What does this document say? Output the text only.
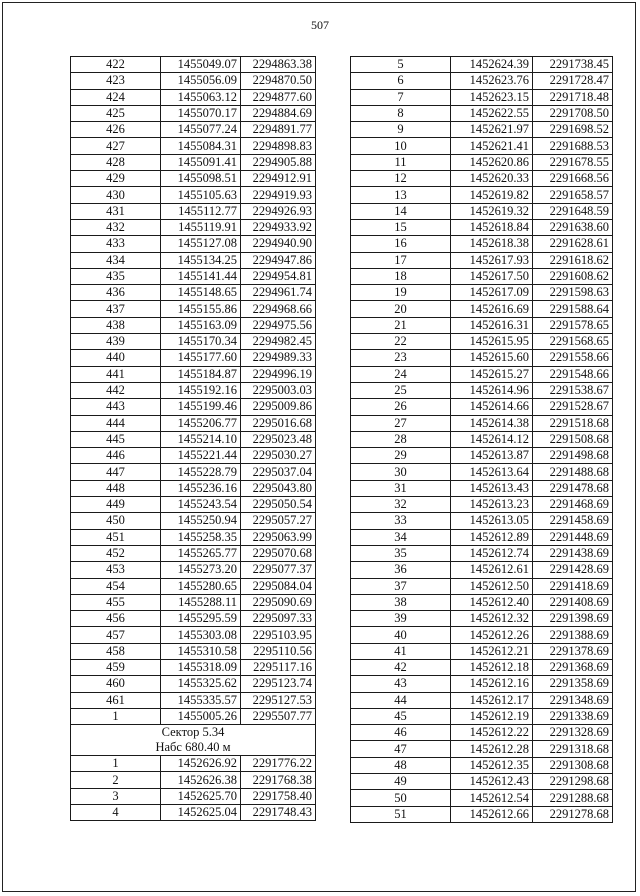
507
422	1455049.07	2294863.38
423	1455056.09	2294870.50
424	1455063.12	2294877.60
425	1455070.17	2294884.69
426	1455077.24	2294891.77
427	1455084.31	2294898.83
428	1455091.41	2294905.88
429	1455098.51	2294912.91
430	1455105.63	2294919.93
431	1455112.77	2294926.93
432	1455119.91	2294933.92
433	1455127.08	2294940.90
434	1455134.25	2294947.86
435	1455141.44	2294954.81
436	1455148.65	2294961.74
437	1455155.86	2294968.66
438	1455163.09	2294975.56
439	1455170.34	2294982.45
440	1455177.60	2294989.33
441	1455184.87	2294996.19
442	1455192.16	2295003.03
443	1455199.46	2295009.86
444	1455206.77	2295016.68
445	1455214.10	2295023.48
446	1455221.44	2295030.27
447	1455228.79	2295037.04
448	1455236.16	2295043.80
449	1455243.54	2295050.54
450	1455250.94	2295057.27
451	1455258.35	2295063.99
452	1455265.77	2295070.68
453	1455273.20	2295077.37
454	1455280.65	2295084.04
455	1455288.11	2295090.69
456	1455295.59	2295097.33
457	1455303.08	2295103.95
458	1455310.58	2295110.56
459	1455318.09	2295117.16
460	1455325.62	2295123.74
461	1455335.57	2295127.53
1	1455005.26	2295507.77

Сектор 5.34
Нaбс 680.40 м		

1	1452626.92	2291776.22
2	1452626.38	2291768.38
3	1452625.70	2291758.40
4	1452625.04	2291748.43
5	1452624.39	2291738.45
6	1452623.76	2291728.47
7	1452623.15	2291718.48
8	1452622.55	2291708.50
9	1452621.97	2291698.52
10	1452621.41	2291688.53
11	1452620.86	2291678.55
12	1452620.33	2291668.56
13	1452619.82	2291658.57
14	1452619.32	2291648.59
15	1452618.84	2291638.60
16	1452618.38	2291628.61
17	1452617.93	2291618.62
18	1452617.50	2291608.62
19	1452617.09	2291598.63
20	1452616.69	2291588.64
21	1452616.31	2291578.65
22	1452615.95	2291568.65
23	1452615.60	2291558.66
24	1452615.27	2291548.66
25	1452614.96	2291538.67
26	1452614.66	2291528.67
27	1452614.38	2291518.68
28	1452614.12	2291508.68
29	1452613.87	2291498.68
30	1452613.64	2291488.68
31	1452613.43	2291478.68
32	1452613.23	2291468.69
33	1452613.05	2291458.69
34	1452612.89	2291448.69
35	1452612.74	2291438.69
36	1452612.61	2291428.69
37	1452612.50	2291418.69
38	1452612.40	2291408.69
39	1452612.32	2291398.69
40	1452612.26	2291388.69
41	1452612.21	2291378.69
42	1452612.18	2291368.69
43	1452612.16	2291358.69
44	1452612.17	2291348.69
45	1452612.19	2291338.69
46	1452612.22	2291328.69
47	1452612.28	2291318.68
48	1452612.35	2291308.68
49	1452612.43	2291298.68
50	1452612.54	2291288.68
51	1452612.66	2291278.68
